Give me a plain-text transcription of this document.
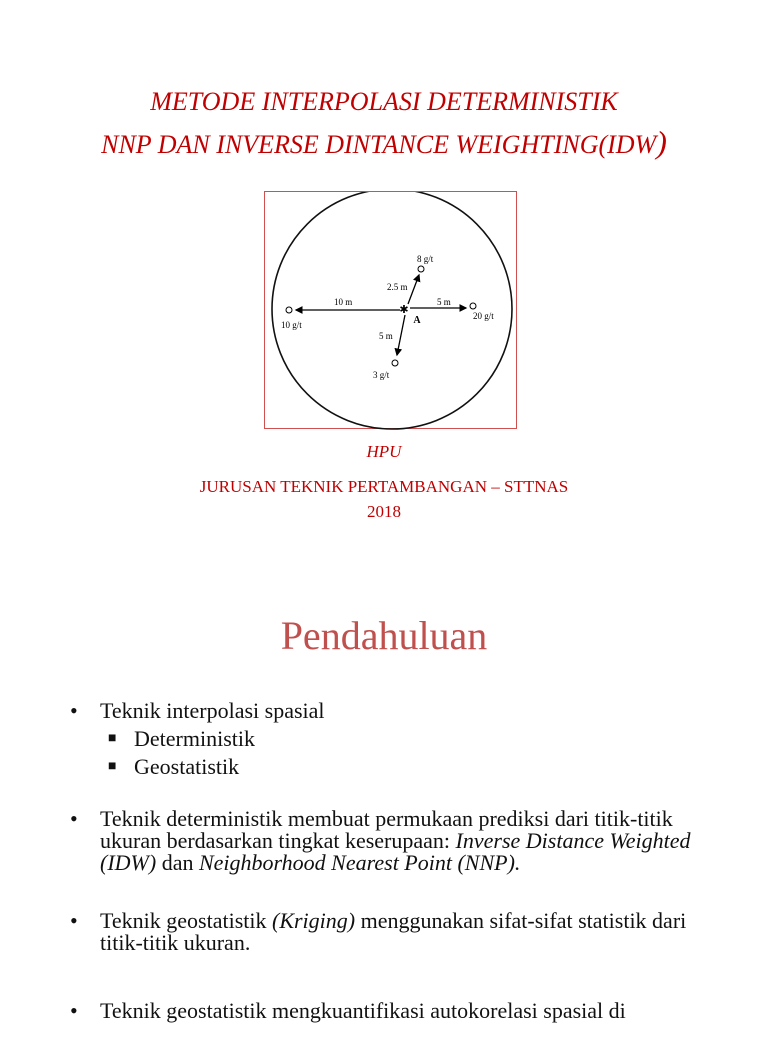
METODE INTERPOLASI DETERMINISTIK
NNP DAN INVERSE DINTANCE WEIGHTING(IDW)
✱
A
8 g/t
2.5 m
10 m
10 g/t
5 m
20 g/t
5 m
3 g/t
HPU
JURUSAN TEKNIK PERTAMBANGAN – STTNAS
2018
Pendahuluan
• Teknik interpolasi spasial
■ Deterministik
■ Geostatistik
• Teknik deterministik membuat permukaan prediksi dari titik-titik ukuran berdasarkan tingkat keserupaan: Inverse Distance Weighted (IDW) dan Neighborhood Nearest Point (NNP).
• Teknik geostatistik (Kriging) menggunakan sifat-sifat statistik dari titik-titik ukuran.
• Teknik geostatistik mengkuantifikasi autokorelasi spasial di
